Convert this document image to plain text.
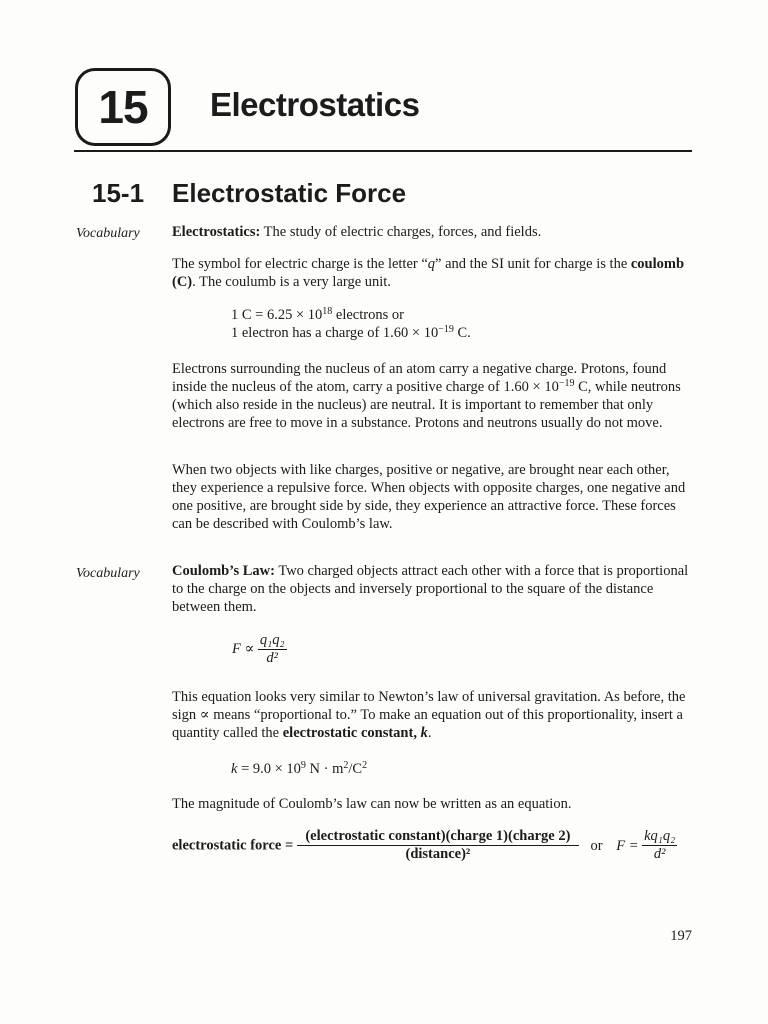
15 Electrostatics
15-1 Electrostatic Force
Vocabulary Electrostatics: The study of electric charges, forces, and fields.
The symbol for electric charge is the letter “q” and the SI unit for charge is the coulomb (C). The coulumb is a very large unit.
1 $C = 6.25 \times 10^{18}$ electrons or
1 electron has a charge of $1.60 \times 10^{-19}$ C.
Electrons surrounding the nucleus of an atom carry a negative charge. Protons, found inside the nucleus of the atom, carry a positive charge of $1.60 \times 10^{-19}$ C, while neutrons (which also reside in the nucleus) are neutral. It is important to remember that only electrons are free to move in a substance. Protons and neutrons usually do not move.
When two objects with like charges, positive or negative, are brought near each other, they experience a repulsive force. When objects with opposite charges, one negative and one positive, are brought side by side, they experience an attractive force. These forces can be described with Coulomb’s law.
Vocabulary Coulomb’s Law: Two charged objects attract each other with a force that is proportional to the charge on the objects and inversely proportional to the square of the distance between them.
$F \propto \frac{\text{q₁q₂}}{\text{d²}}$
This equation looks very similar to Newton’s law of universal gravitation. As before, the sign ∝ means “proportional to.” To make an equation out of this proportionality, insert a quantity called the electrostatic constant, k.
$k = 9.0 \times 10^9$ $N \cdot m^2/C^2$
The magnitude of Coulomb’s law can now be written as an equation.
electrostatic force = $\frac{\text{(electrostatic constant)(charge 1)(charge 2)}}{\text{(distance)²}}$ or $F = \frac{\text{kq₁q₂}}{\text{d²}}$
197
